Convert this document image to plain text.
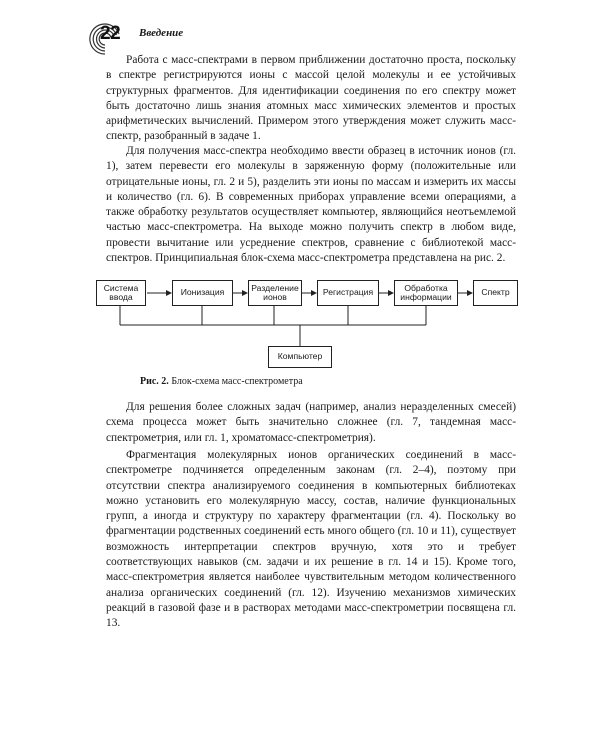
22 Введение

Работа с масс-спектрами в первом приближении достаточно проста, поскольку в спектре регистрируются ионы с массой целой молекулы и ее устойчивых структурных фрагментов. Для идентификации соединения по его спектру может быть достаточно лишь знания атомных масс химических элементов и простых арифметических вычислений. Примером этого утверждения может служить масс-спектр, разобранный в задаче 1.

Для получения масс-спектра необходимо ввести образец в источник ионов (гл. 1), затем перевести его молекулы в заряженную форму (положительные или отрицательные ионы, гл. 2 и 5), разделить эти ионы по массам и измерить их массы и количество (гл. 6). В современных приборах управление всеми операциями, а также обработку результатов осуществляет компьютер, являющийся неотъемлемой частью масс-спектрометра. На выходе можно получить спектр в любом виде, провести вычитание или усреднение спектров, сравнение с библиотекой масс-спектров. Принципиальная блок-схема масс-спектрометра представлена на рис. 2.

Система ввода	Ионизация	Разделение ионов	Регистрация	Обработка информации	Спектр
Компьютер
Рис. 2. Блок-схема масс-спектрометра

Для решения более сложных задач (например, анализ неразделенных смесей) схема процесса может быть значительно сложнее (гл. 7, тандемная масс-спектрометрия, или гл. 1, хроматомасс-спектрометрия).

Фрагментация молекулярных ионов органических соединений в масс-спектрометре подчиняется определенным законам (гл. 2–4), поэтому при отсутствии спектра анализируемого соединения в компьютерных библиотеках можно установить его молекулярную массу, состав, наличие функциональных групп, а иногда и структуру по характеру фрагментации (гл. 4). Поскольку во фрагментации родственных соединений есть много общего (гл. 10 и 11), существует возможность интерпретации спектров вручную, хотя это и требует соответствующих навыков (см. задачи и их решение в гл. 14 и 15). Кроме того, масс-спектрометрия является наиболее чувствительным методом количественного анализа органических соединений (гл. 12). Изучению механизмов химических реакций в газовой фазе и в растворах методами масс-спектрометрии посвящена гл. 13.
